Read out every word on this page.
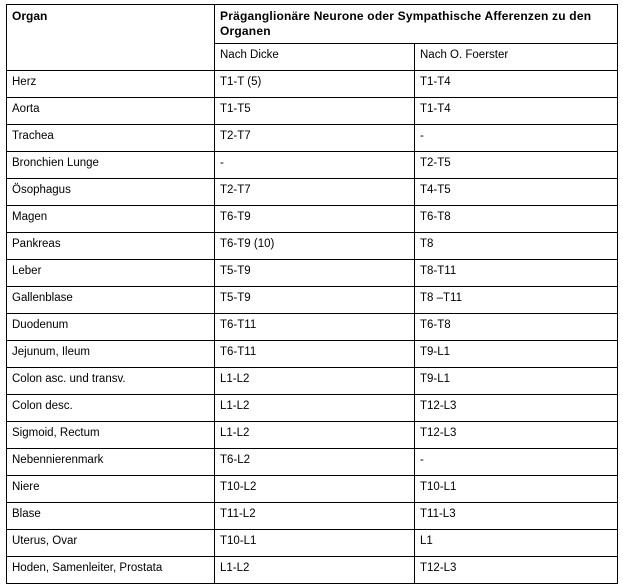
Organ	Präganglionäre Neurone oder Sympathische Afferenzen zu den Organen	
	Nach Dicke	Nach O. Foerster
Herz	T1-T (5)	T1-T4
Aorta	T1-T5	T1-T4
Trachea	T2-T7	-
Bronchien Lunge	-	T2-T5
Ösophagus	T2-T7	T4-T5
Magen	T6-T9	T6-T8
Pankreas	T6-T9 (10)	T8
Leber	T5-T9	T8-T11
Gallenblase	T5-T9	T8 –T11
Duodenum	T6-T11	T6-T8
Jejunum, Ileum	T6-T11	T9-L1
Colon asc. und transv.	L1-L2	T9-L1
Colon desc.	L1-L2	T12-L3
Sigmoid, Rectum	L1-L2	T12-L3
Nebennierenmark	T6-L2	-
Niere	T10-L2	T10-L1
Blase	T11-L2	T11-L3
Uterus, Ovar	T10-L1	L1
Hoden, Samenleiter, Prostata	L1-L2	T12-L3
